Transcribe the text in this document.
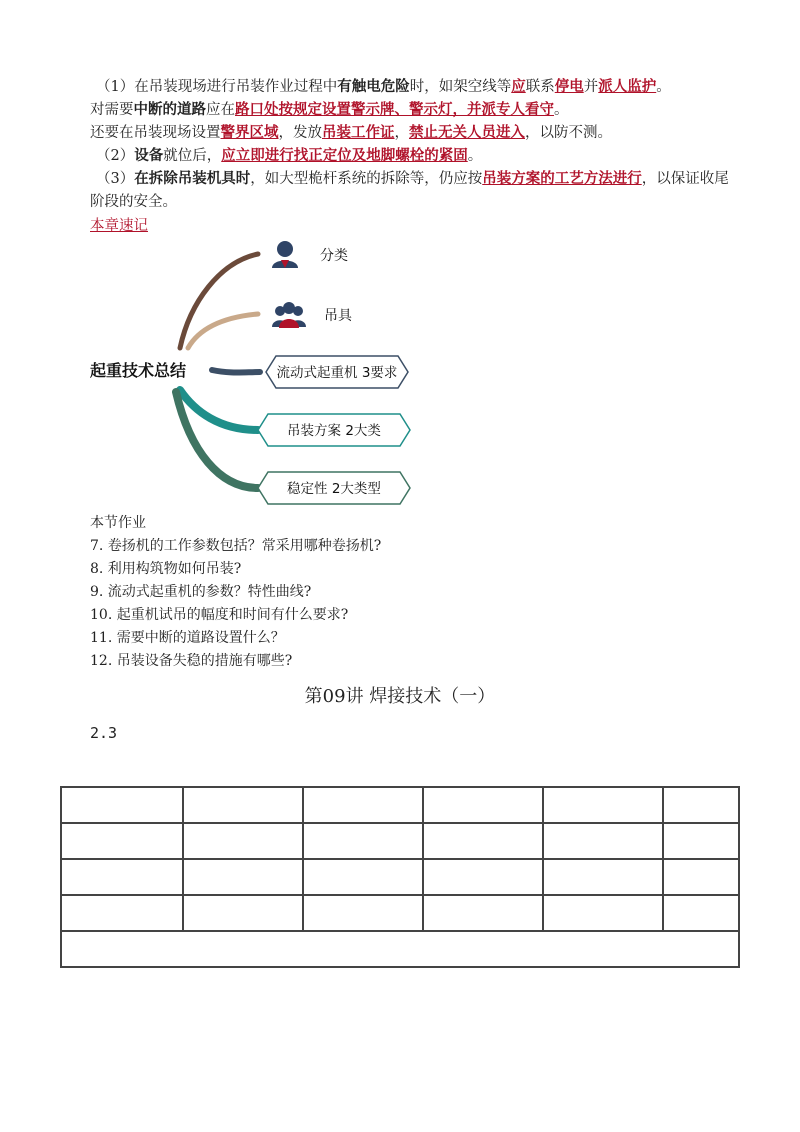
（1）在吊装现场进行吊装作业过程中有触电危险时，如架空线等应联系停电并派人监护。
对需要中断的道路应在路口处按规定设置警示牌、警示灯，并派专人看守。
还要在吊装现场设置警界区域，发放吊装工作证，禁止无关人员进入，以防不测。
（2）设备就位后，应立即进行找正定位及地脚螺栓的紧固。
（3）在拆除吊装机具时，如大型桅杆系统的拆除等，仍应按吊装方案的工艺方法进行，以保证收尾
阶段的安全。
本章速记
起重技术总结
分类
吊具
流动式起重机 3要求
吊装方案 2大类
稳定性 2大类型
本节作业
7. 卷扬机的工作参数包括？常采用哪种卷扬机?
8. 利用构筑物如何吊装?
9. 流动式起重机的参数？特性曲线?
10. 起重机试吊的幅度和时间有什么要求?
11. 需要中断的道路设置什么？
12. 吊装设备失稳的措施有哪些?
第09讲 焊接技术（一）
2.3
